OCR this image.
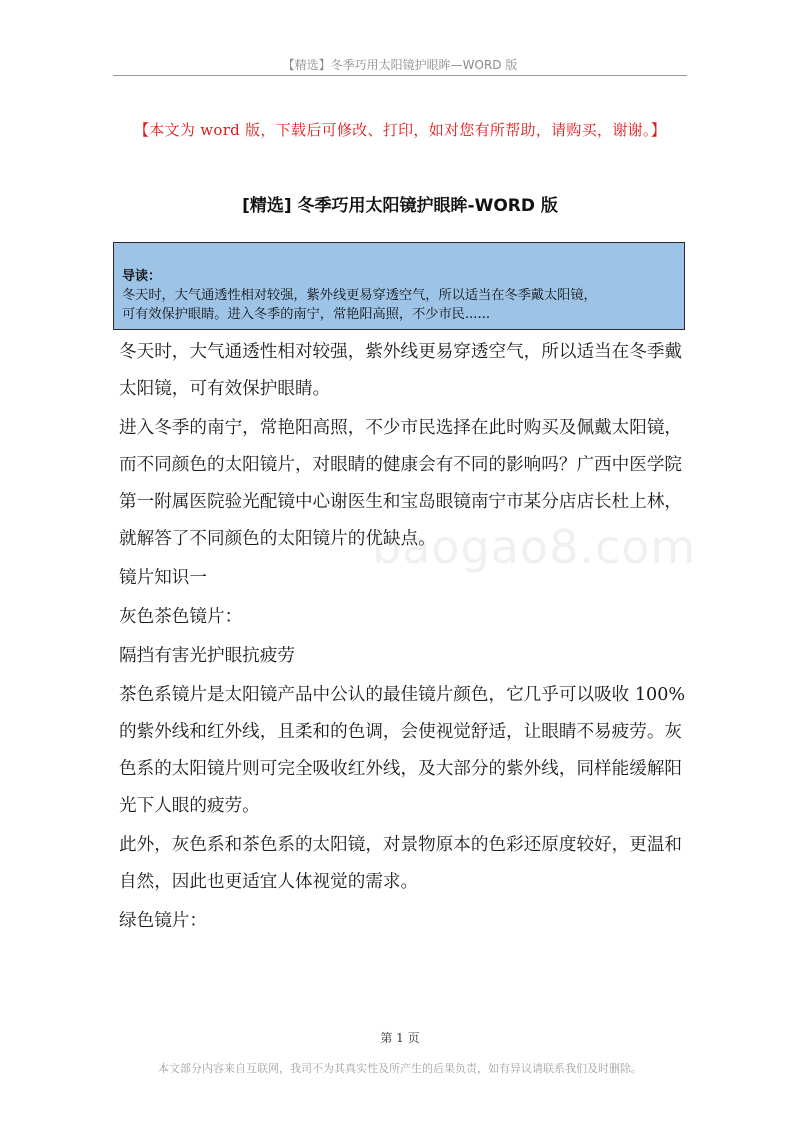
【精选】冬季巧用太阳镜护眼眸—WORD 版
【本文为 word 版，下载后可修改、打印，如对您有所帮助，请购买，谢谢。】
[精选] 冬季巧用太阳镜护眼眸-WORD 版
导读：
冬天时，大气通透性相对较强，紫外线更易穿透空气，所以适当在冬季戴太阳镜，
可有效保护眼睛。进入冬季的南宁，常艳阳高照，不少市民......
baogao8.com

冬天时，大气通透性相对较强，紫外线更易穿透空气，所以适当在冬季戴太阳镜，可有效保护眼睛。

进入冬季的南宁，常艳阳高照，不少市民选择在此时购买及佩戴太阳镜，而不同颜色的太阳镜片，对眼睛的健康会有不同的影响吗？广西中医学院第一附属医院验光配镜中心谢医生和宝岛眼镜南宁市某分店店长杜上林，就解答了不同颜色的太阳镜片的优缺点。

镜片知识一

灰色茶色镜片：

隔挡有害光护眼抗疲劳

茶色系镜片是太阳镜产品中公认的最佳镜片颜色，它几乎可以吸收 100%的紫外线和红外线，且柔和的色调，会使视觉舒适，让眼睛不易疲劳。灰色系的太阳镜片则可完全吸收红外线，及大部分的紫外线，同样能缓解阳光下人眼的疲劳。

此外，灰色系和茶色系的太阳镜，对景物原本的色彩还原度较好，更温和自然，因此也更适宜人体视觉的需求。

绿色镜片：

第 1 页
本文部分内容来自互联网，我司不为其真实性及所产生的后果负责，如有异议请联系我们及时删除。
